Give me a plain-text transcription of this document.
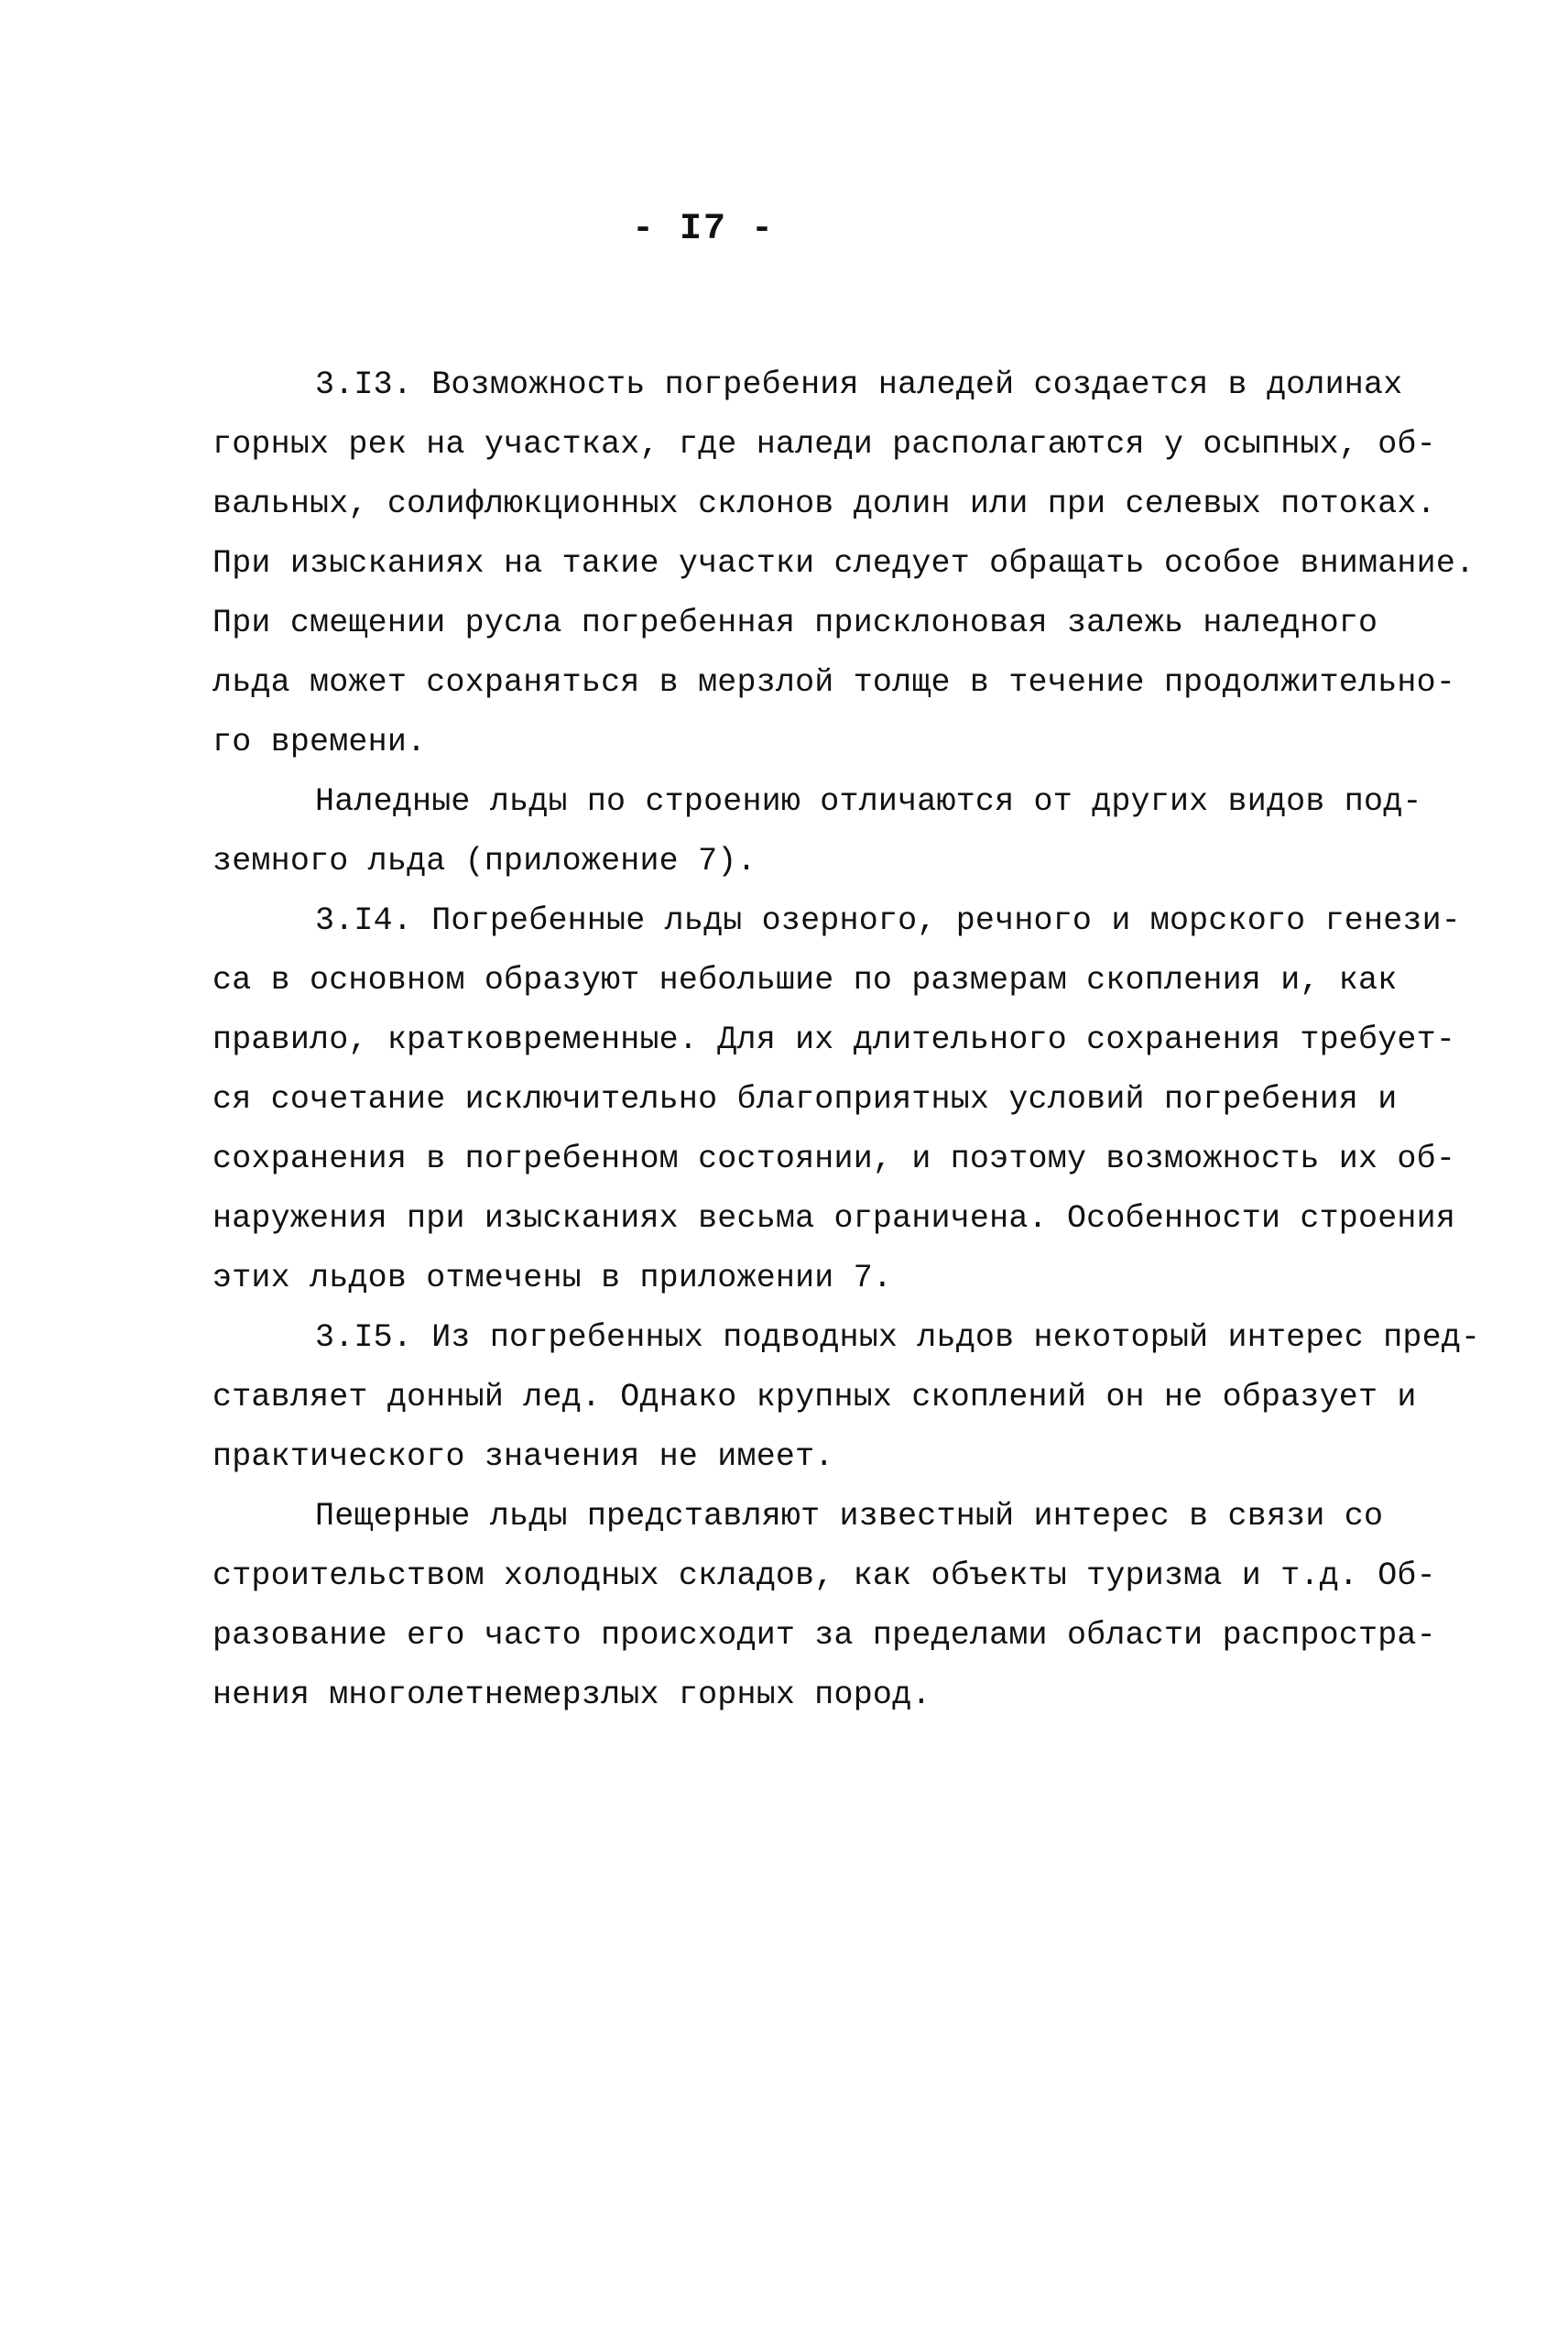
- I7 -
3.I3. Возможность погребения наледей создается в долинах
горных рек на участках, где наледи располагаются у осыпных, об-
вальных, солифлюкционных склонов долин или при селевых потоках.
При изысканиях на такие участки следует обращать особое внимание.
При смещении русла погребенная присклоновая залежь наледного
льда может сохраняться в мерзлой толще в течение продолжительно-
го времени.
Наледные льды по строению отличаются от других видов под-
земного льда (приложение 7).
3.I4. Погребенные льды озерного, речного и морского генези-
са в основном образуют небольшие по размерам скопления и, как
правило, кратковременные. Для их длительного сохранения требует-
ся сочетание исключительно благоприятных условий погребения и
сохранения в погребенном состоянии, и поэтому возможность их об-
наружения при изысканиях весьма ограничена. Особенности строения
этих льдов отмечены в приложении 7.
3.I5. Из погребенных подводных льдов некоторый интерес пред-
ставляет донный лед. Однако крупных скоплений он не образует и
практического значения не имеет.
Пещерные льды представляют известный интерес в связи со
строительством холодных складов, как объекты туризма и т.д. Об-
разование его часто происходит за пределами области распростра-
нения многолетнемерзлых горных пород.
